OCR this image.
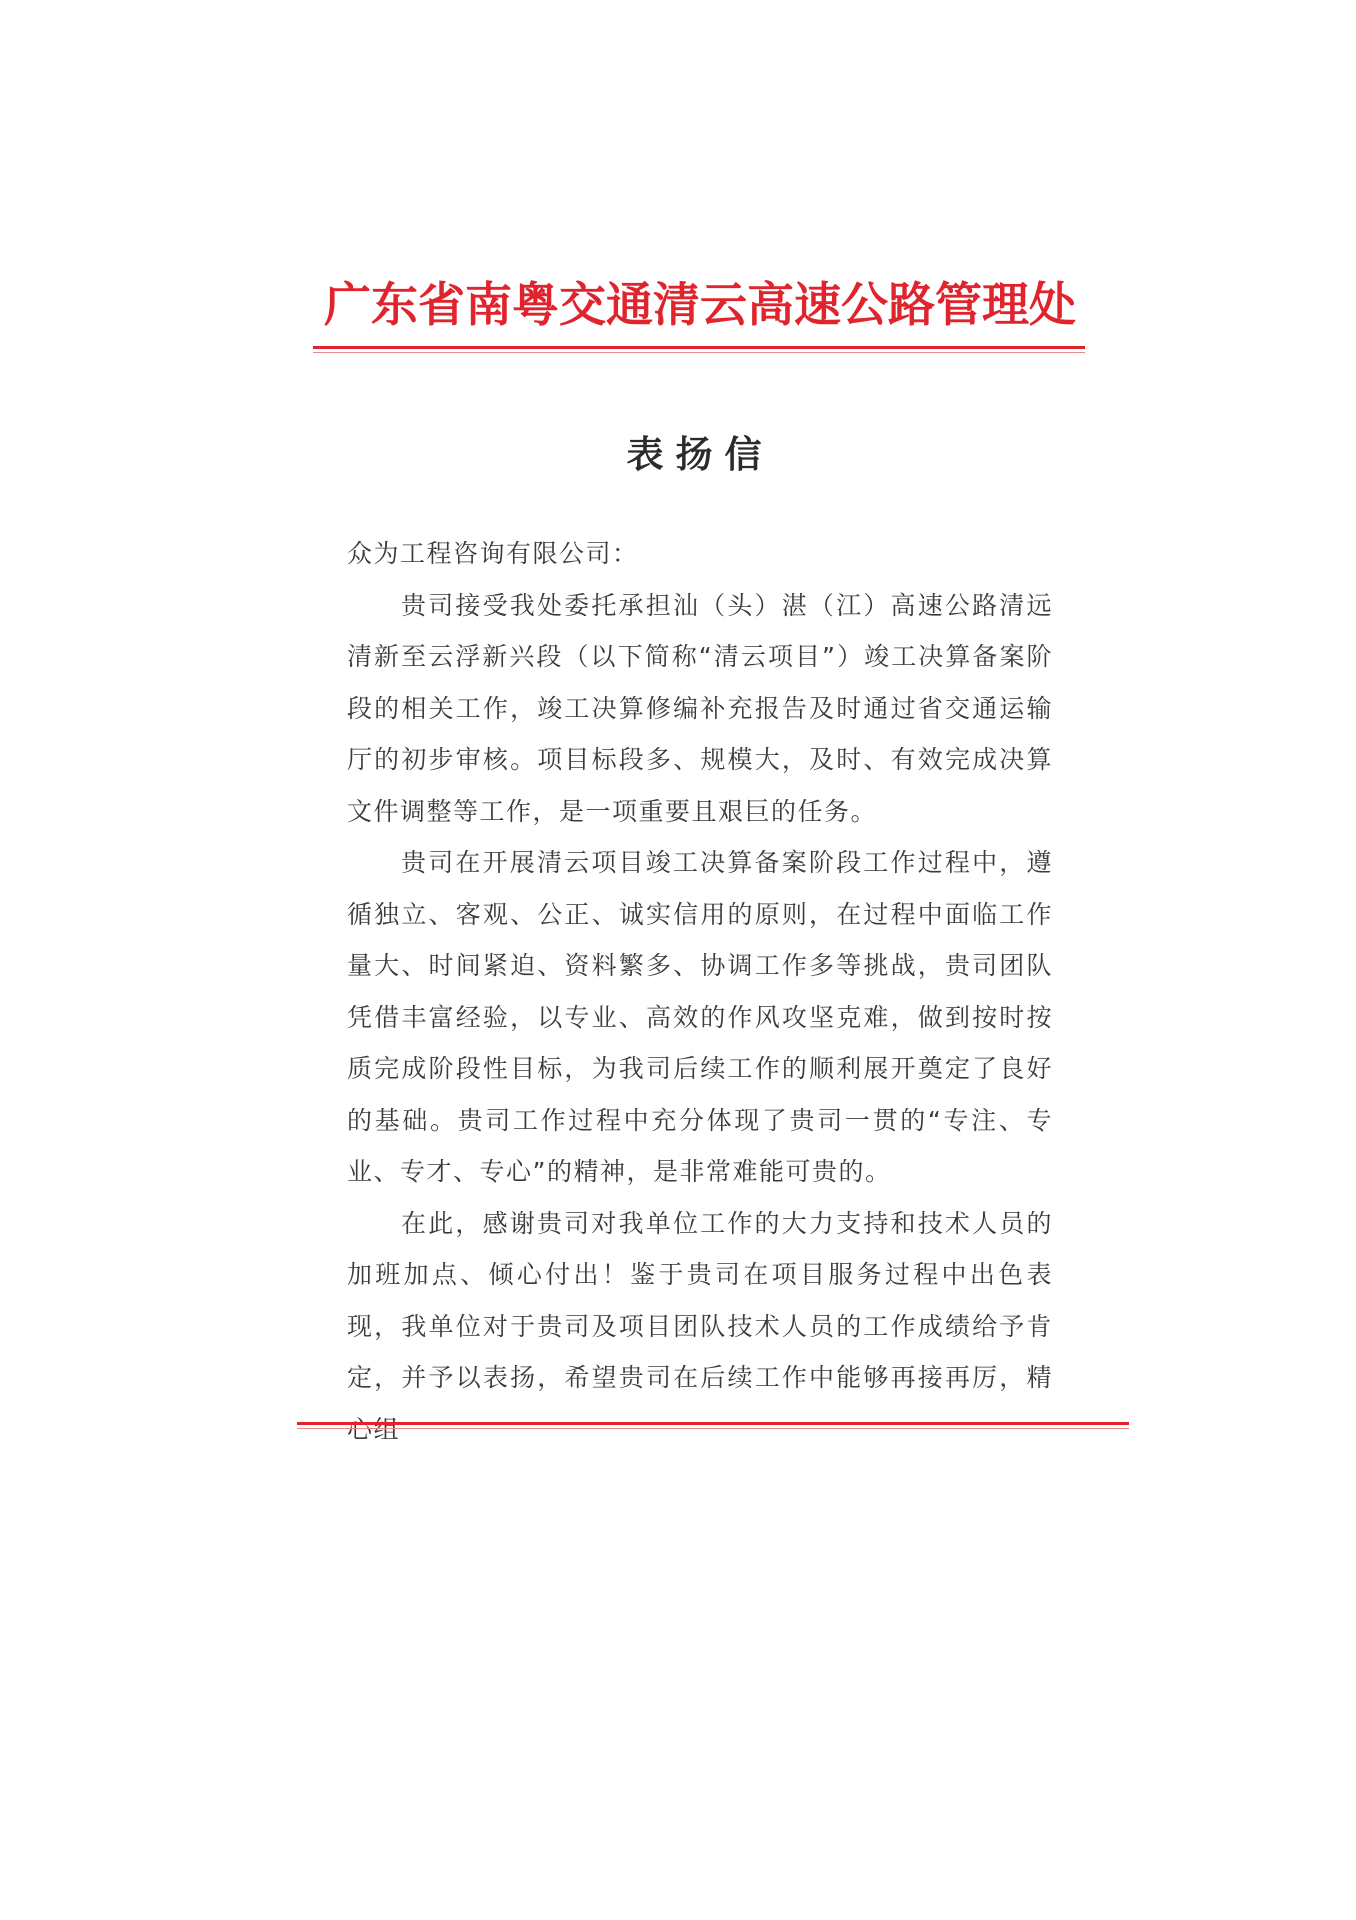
广东省南粤交通清云高速公路管理处
表扬信

众为工程咨询有限公司：

贵司接受我处委托承担汕（头）湛（江）高速公路清远清新至云浮新兴段（以下简称“清云项目”）竣工决算备案阶段的相关工作，竣工决算修编补充报告及时通过省交通运输厅的初步审核。项目标段多、规模大，及时、有效完成决算文件调整等工作，是一项重要且艰巨的任务。

贵司在开展清云项目竣工决算备案阶段工作过程中，遵循独立、客观、公正、诚实信用的原则，在过程中面临工作量大、时间紧迫、资料繁多、协调工作多等挑战，贵司团队凭借丰富经验，以专业、高效的作风攻坚克难，做到按时按质完成阶段性目标，为我司后续工作的顺利展开奠定了良好的基础。贵司工作过程中充分体现了贵司一贯的“专注、专业、专才、专心”的精神，是非常难能可贵的。

在此，感谢贵司对我单位工作的大力支持和技术人员的加班加点、倾心付出！鉴于贵司在项目服务过程中出色表现，我单位对于贵司及项目团队技术人员的工作成绩给予肯定，并予以表扬，希望贵司在后续工作中能够再接再厉，精心组
